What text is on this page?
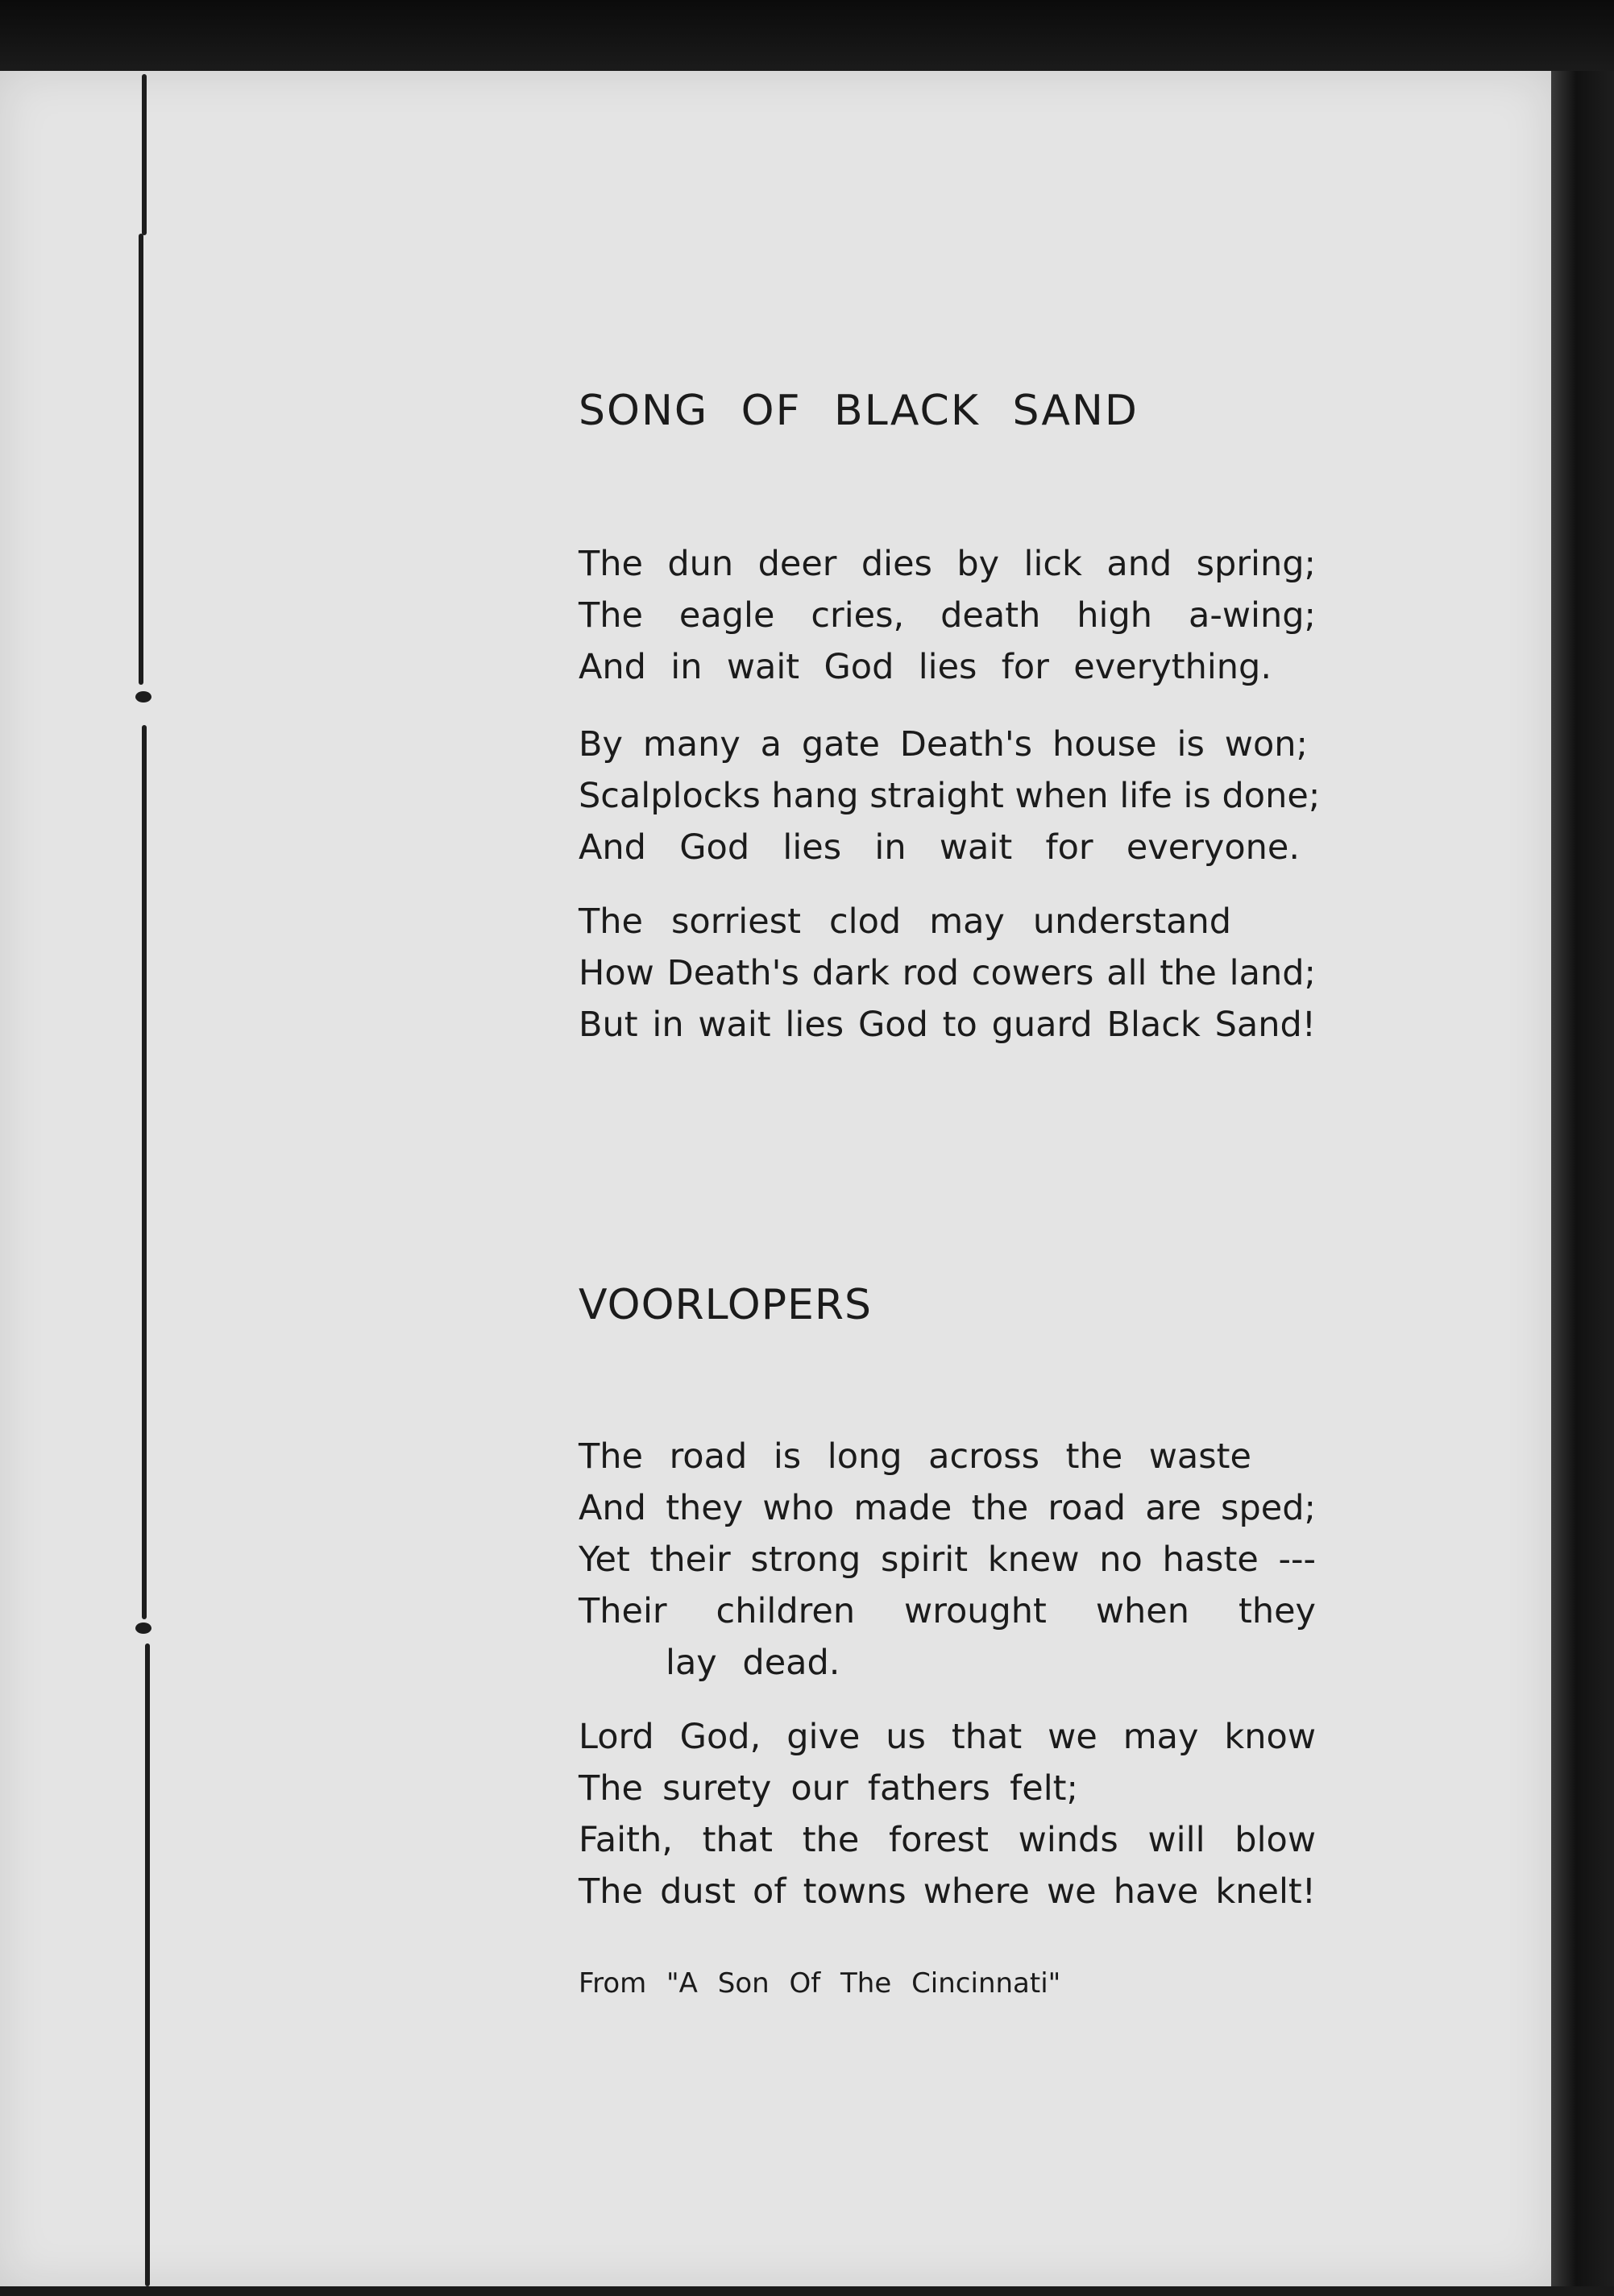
SONG OF BLACK SAND

The dun deer dies by lick and spring;
The eagle cries, death high a-wing;
And in wait God lies for everything.

By many a gate Death's house is won;
Scalplocks hang straight when life is done;
And God lies in wait for everyone.

The sorriest clod may understand
How Death's dark rod cowers all the land;
But in wait lies God to guard Black Sand!

VOORLOPERS

The road is long across the waste
And they who made the road are sped;
Yet their strong spirit knew no haste ---
Their children wrought when they
lay dead.

Lord God, give us that we may know
The surety our fathers felt;
Faith, that the forest winds will blow
The dust of towns where we have knelt!

From "A Son Of The Cincinnati"
